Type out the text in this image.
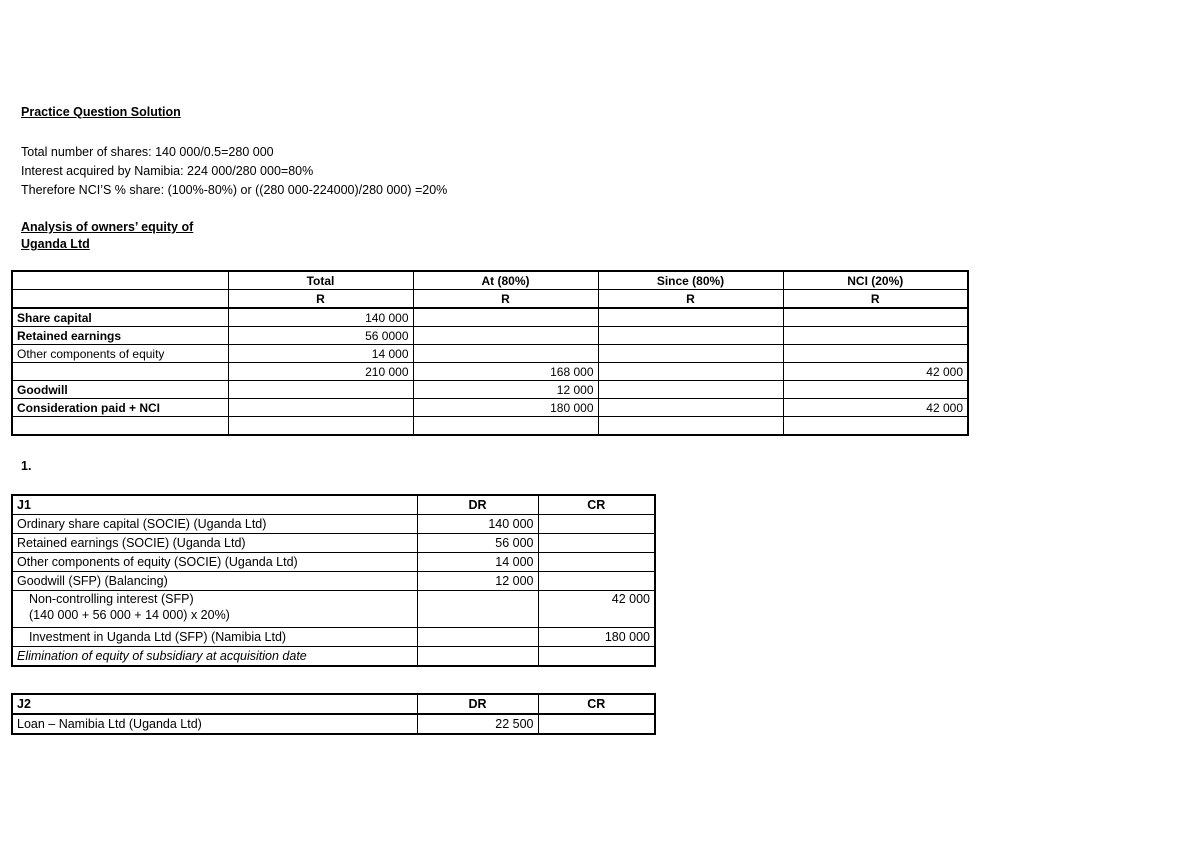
Practice Question Solution
Total number of shares: 140 000/0.5=280 000
Interest acquired by Namibia: 224 000/280 000=80%
Therefore NCI’S % share: (100%-80%) or ((280 000-224000)/280 000) =20%
Analysis of owners’ equity of
Uganda Ltd
	Total	At (80%)	Since (80%)	NCI (20%)
	R	R	R	R
Share capital	140 000			
Retained earnings	56 0000			
Other components of equity	14 000			
	210 000	168 000		42 000
Goodwill		12 000		
Consideration paid + NCI		180 000		42 000

1.
J1	DR	CR
Ordinary share capital (SOCIE) (Uganda Ltd)	140 000	
Retained earnings (SOCIE) (Uganda Ltd)	56 000	
Other components of equity (SOCIE) (Uganda Ltd)	14 000	
Goodwill (SFP) (Balancing)	12 000	

Non-controlling interest (SFP)
(140 000 + 56 000 + 14 000) x 20%)		42 000
Investment in Uganda Ltd (SFP) (Namibia Ltd)		180 000
Elimination of equity of subsidiary at acquisition date		
J2	DR	CR
Loan – Namibia Ltd (Uganda Ltd)	22 500	
